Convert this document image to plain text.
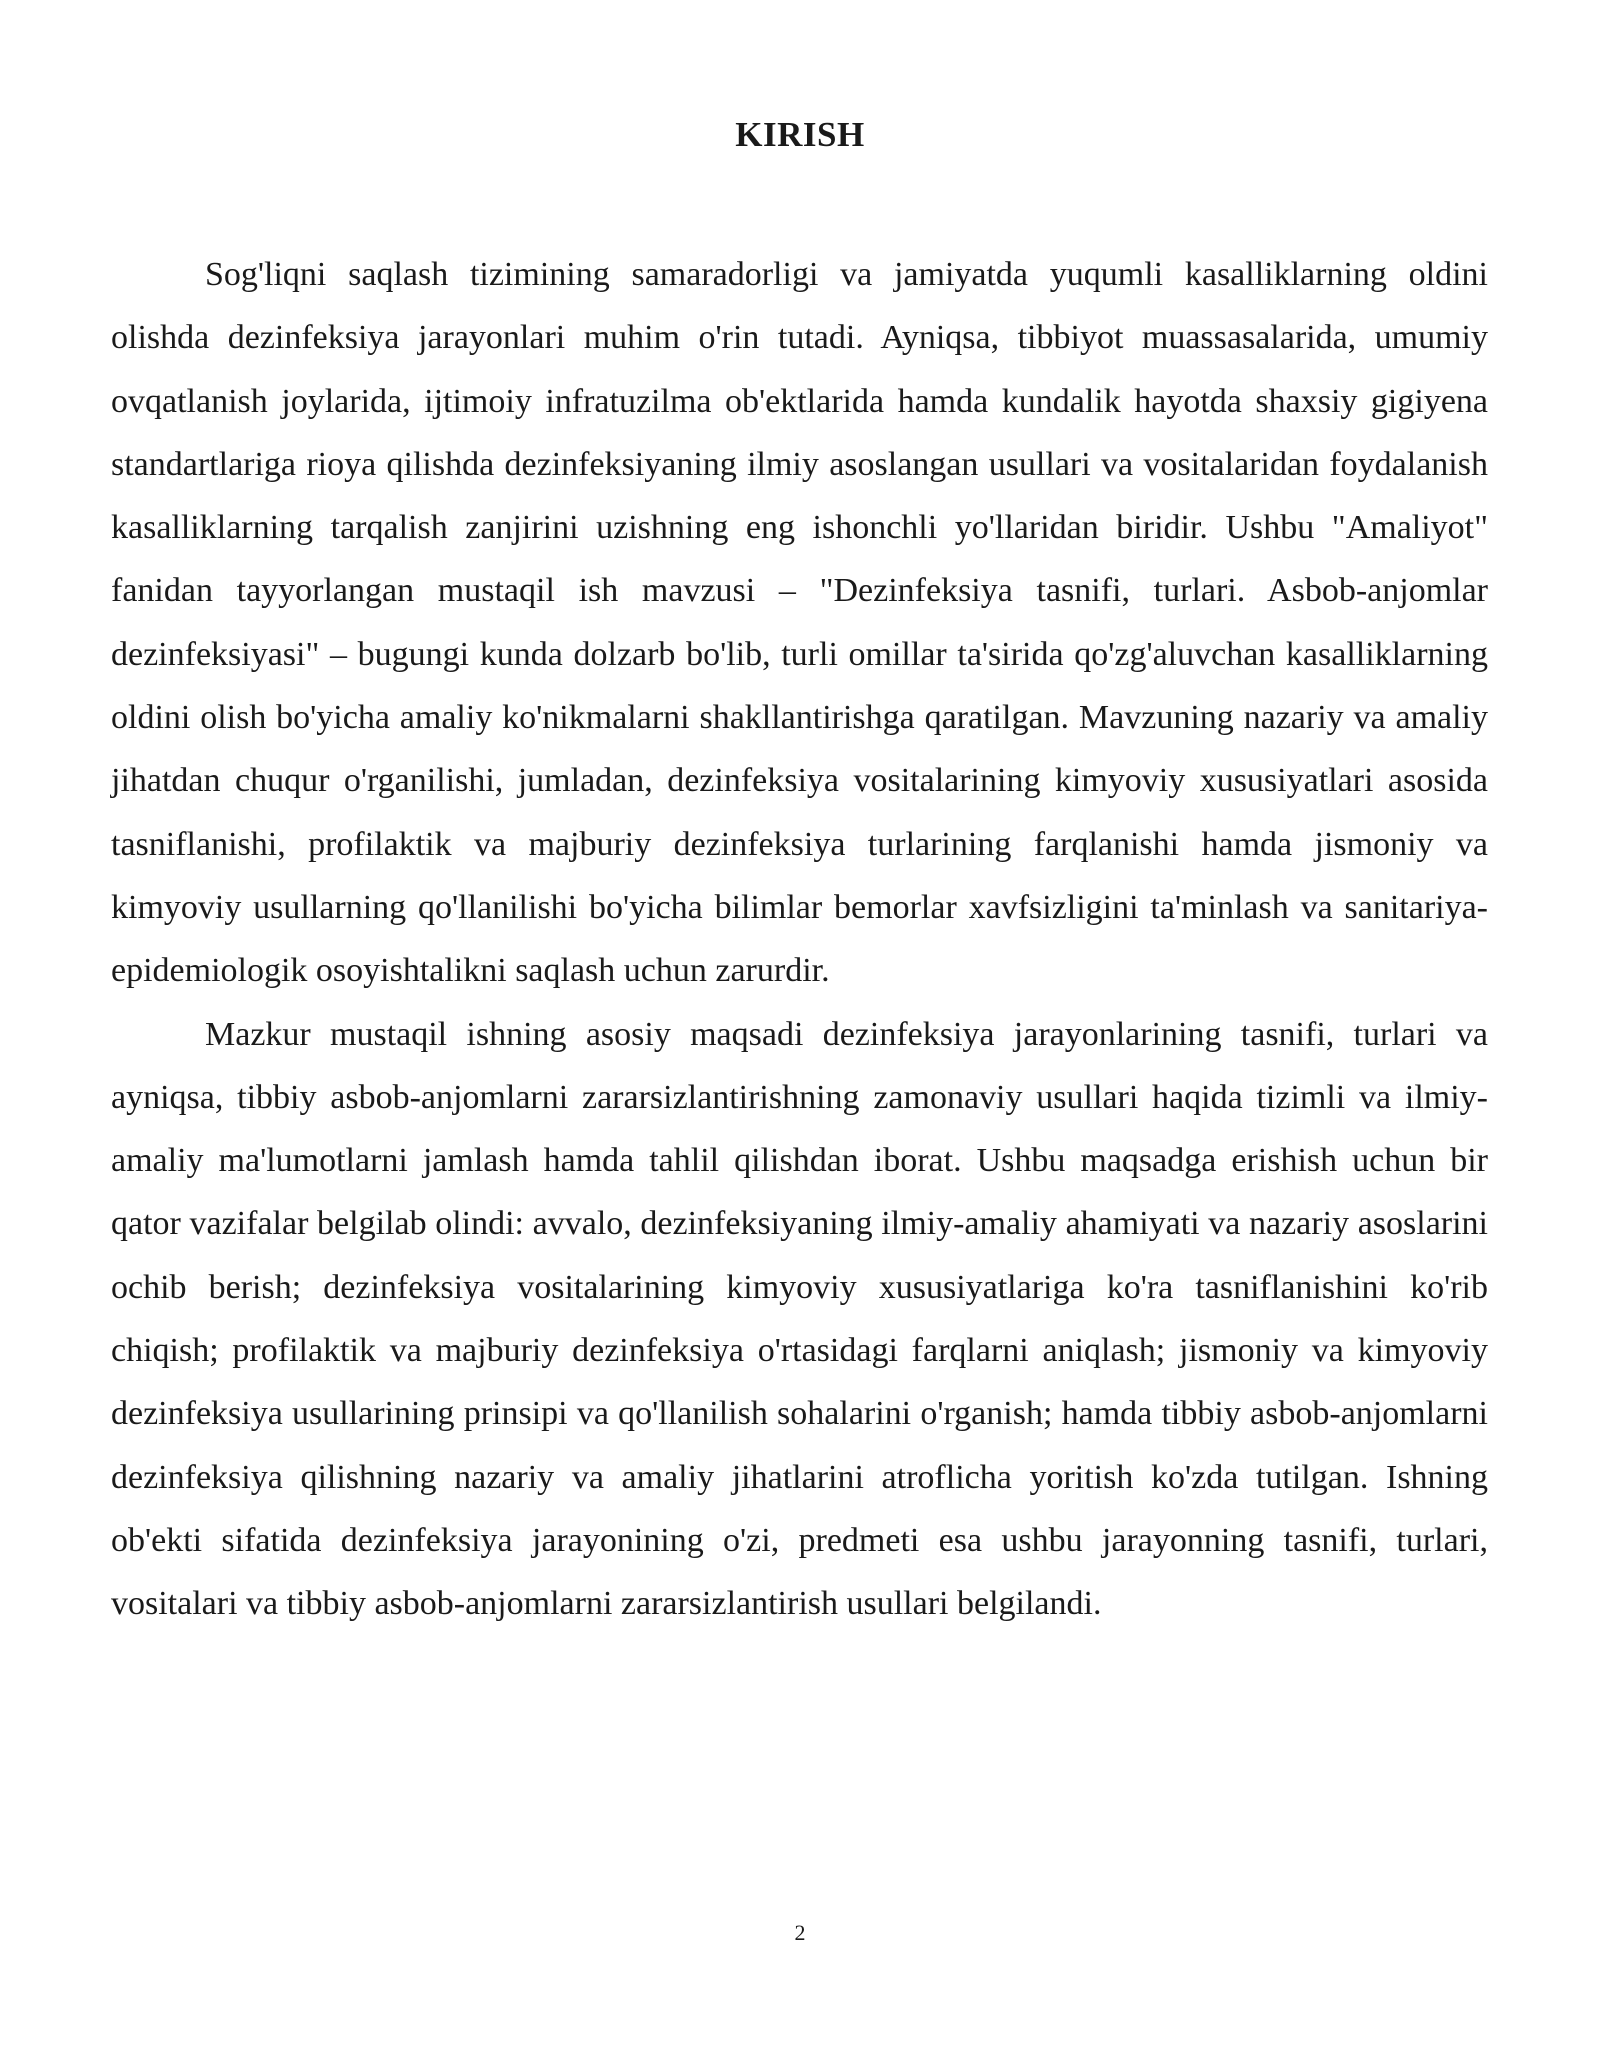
KIRISH

Sog'liqni saqlash tizimining samaradorligi va jamiyatda yuqumli kasalliklarning oldini olishda dezinfeksiya jarayonlari muhim o'rin tutadi. Ayniqsa, tibbiyot muassasalarida, umumiy ovqatlanish joylarida, ijtimoiy infratuzilma ob'ektlarida hamda kundalik hayotda shaxsiy gigiyena standartlariga rioya qilishda dezinfeksiyaning ilmiy asoslangan usullari va vositalaridan foydalanish kasalliklarning tarqalish zanjirini uzishning eng ishonchli yo'llaridan biridir. Ushbu "Amaliyot" fanidan tayyorlangan mustaqil ish mavzusi – "Dezinfeksiya tasnifi, turlari. Asbob-anjomlar dezinfeksiyasi" – bugungi kunda dolzarb bo'lib, turli omillar ta'sirida qo'zg'aluvchan kasalliklarning oldini olish bo'yicha amaliy ko'nikmalarni shakllantirishga qaratilgan. Mavzuning nazariy va amaliy jihatdan chuqur o'rganilishi, jumladan, dezinfeksiya vositalarining kimyoviy xususiyatlari asosida tasniflanishi, profilaktik va majburiy dezinfeksiya turlarining farqlanishi hamda jismoniy va kimyoviy usullarning qo'llanilishi bo'yicha bilimlar bemorlar xavfsizligini ta'minlash va sanitariya-epidemiologik osoyishtalikni saqlash uchun zarurdir.

Mazkur mustaqil ishning asosiy maqsadi dezinfeksiya jarayonlarining tasnifi, turlari va ayniqsa, tibbiy asbob-anjomlarni zararsizlantirishning zamonaviy usullari haqida tizimli va ilmiy-amaliy ma'lumotlarni jamlash hamda tahlil qilishdan iborat. Ushbu maqsadga erishish uchun bir qator vazifalar belgilab olindi: avvalo, dezinfeksiyaning ilmiy-amaliy ahamiyati va nazariy asoslarini ochib berish; dezinfeksiya vositalarining kimyoviy xususiyatlariga ko'ra tasniflanishini ko'rib chiqish; profilaktik va majburiy dezinfeksiya o'rtasidagi farqlarni aniqlash; jismoniy va kimyoviy dezinfeksiya usullarining prinsipi va qo'llanilish sohalarini o'rganish; hamda tibbiy asbob-anjomlarni dezinfeksiya qilishning nazariy va amaliy jihatlarini atroflicha yoritish ko'zda tutilgan. Ishning ob'ekti sifatida dezinfeksiya jarayonining o'zi, predmeti esa ushbu jarayonning tasnifi, turlari, vositalari va tibbiy asbob-anjomlarni zararsizlantirish usullari belgilandi.

2
